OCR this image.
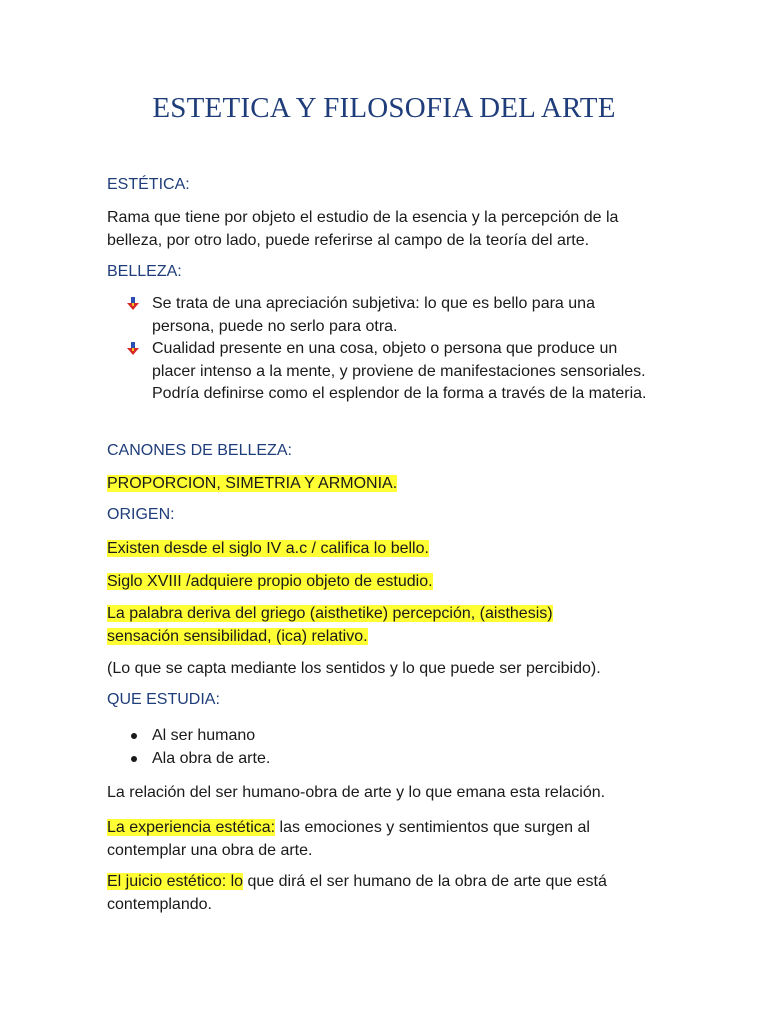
ESTETICA Y FILOSOFIA DEL ARTE

ESTÉTICA:

Rama que tiene por objeto el estudio de la esencia y la percepción de la belleza, por otro lado, puede referirse al campo de la teoría del arte.

BELLEZA:

Se trata de una apreciación subjetiva: lo que es bello para una persona, puede no serlo para otra.
Cualidad presente en una cosa, objeto o persona que produce un placer intenso a la mente, y proviene de manifestaciones sensoriales. Podría definirse como el esplendor de la forma a través de la materia.

CANONES DE BELLEZA:

PROPORCION, SIMETRIA Y ARMONIA.

ORIGEN:

Existen desde el siglo IV a.c / califica lo bello.

Siglo XVIII /adquiere propio objeto de estudio.

La palabra deriva del griego (aisthetike) percepción, (aisthesis)
sensación sensibilidad, (ica) relativo.

(Lo que se capta mediante los sentidos y lo que puede ser percibido).

QUE ESTUDIA:

Al ser humano
Ala obra de arte.

La relación del ser humano-obra de arte y lo que emana esta relación.

La experiencia estética: las emociones y sentimientos que surgen al contemplar una obra de arte.

El juicio estético: lo que dirá el ser humano de la obra de arte que está contemplando.
